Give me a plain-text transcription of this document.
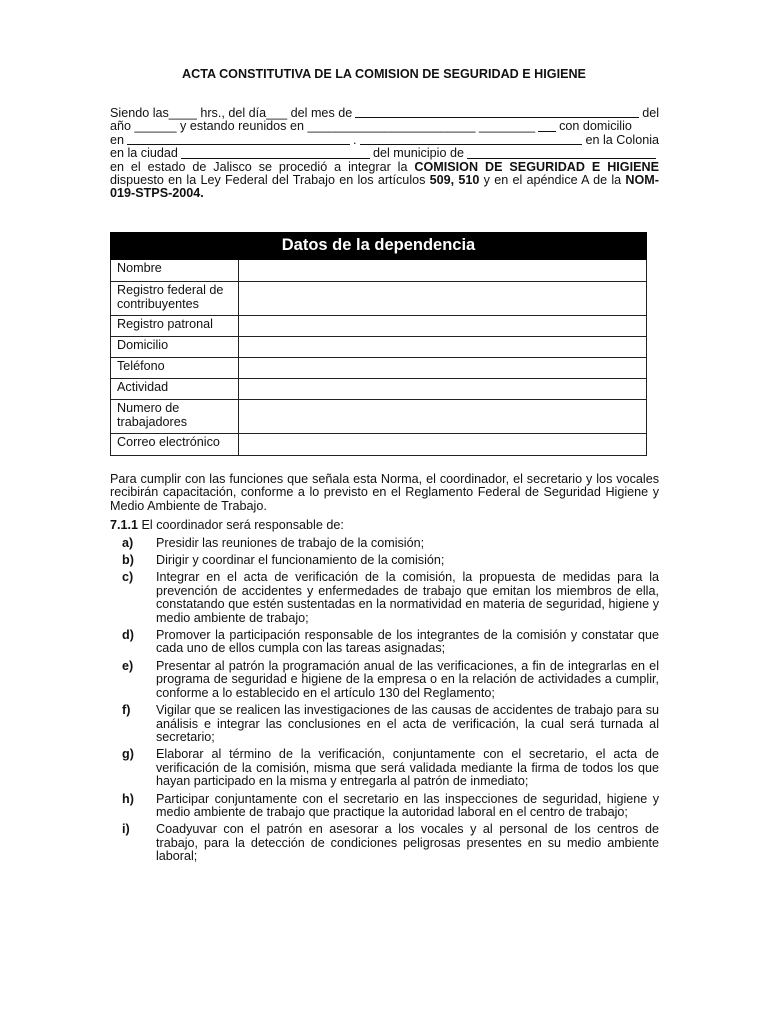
ACTA CONSTITUTIVA DE LA COMISION DE SEGURIDAD E HIGIENE
Siendo las____ hrs., del día___ del mes de	del
año ______ y estando reunidos en ________________________ ________ con domicilio
en	.	en la Colonia
en la ciudad	del municipio de

en el estado de Jalisco se procedió a integrar la COMISION DE SEGURIDAD E HIGIENE dispuesto en la Ley Federal del Trabajo en los artículos 509, 510 y en el apéndice A de la NOM-019-STPS-2004.

Datos de la dependencia	
Nombre	
Registro federal de contribuyentes	
Registro patronal	
Domicilio	
Teléfono	
Actividad	
Numero de trabajadores	
Correo electrónico	

Para cumplir con las funciones que señala esta Norma, el coordinador, el secretario y los vocales recibirán capacitación, conforme a lo previsto en el Reglamento Federal de Seguridad Higiene y Medio Ambiente de Trabajo.

7.1.1 El coordinador será responsable de:

a)	Presidir las reuniones de trabajo de la comisión;
b)	Dirigir y coordinar el funcionamiento de la comisión;
c)	Integrar en el acta de verificación de la comisión, la propuesta de medidas para la prevención de accidentes y enfermedades de trabajo que emitan los miembros de ella, constatando que estén sustentadas en la normatividad en materia de seguridad, higiene y medio ambiente de trabajo;
d)	Promover la participación responsable de los integrantes de la comisión y constatar que cada uno de ellos cumpla con las tareas asignadas;
e)	Presentar al patrón la programación anual de las verificaciones, a fin de integrarlas en el programa de seguridad e higiene de la empresa o en la relación de actividades a cumplir, conforme a lo establecido en el artículo 130 del Reglamento;
f)	Vigilar que se realicen las investigaciones de las causas de accidentes de trabajo para su análisis e integrar las conclusiones en el acta de verificación, la cual será turnada al secretario;
g)	Elaborar al término de la verificación, conjuntamente con el secretario, el acta de verificación de la comisión, misma que será validada mediante la firma de todos los que hayan participado en la misma y entregarla al patrón de inmediato;
h)	Participar conjuntamente con el secretario en las inspecciones de seguridad, higiene y medio ambiente de trabajo que practique la autoridad laboral en el centro de trabajo;
i)	Coadyuvar con el patrón en asesorar a los vocales y al personal de los centros de trabajo, para la detección de condiciones peligrosas presentes en su medio ambiente laboral;
